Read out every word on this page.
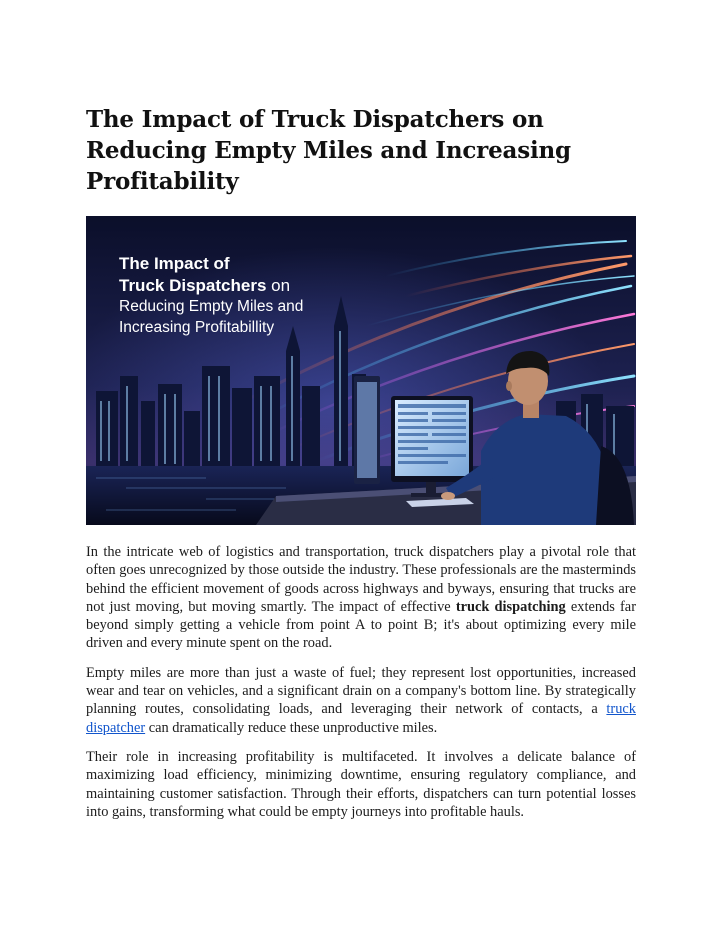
The Impact of Truck Dispatchers on
Reducing Empty Miles and Increasing
Profitability
The Impact of
Truck Dispatchers on
Reducing Empty Miles and
Increasing Profitabillity

In the intricate web of logistics and transportation, truck dispatchers play a pivotal role that often goes unrecognized by those outside the industry. These professionals are the masterminds behind the efficient movement of goods across highways and byways, ensuring that trucks are not just moving, but moving smartly. The impact of effective truck dispatching extends far beyond simply getting a vehicle from point A to point B; it's about optimizing every mile driven and every minute spent on the road.

Empty miles are more than just a waste of fuel; they represent lost opportunities, increased wear and tear on vehicles, and a significant drain on a company's bottom line. By strategically planning routes, consolidating loads, and leveraging their network of contacts, a truck dispatcher can dramatically reduce these unproductive miles.

Their role in increasing profitability is multifaceted. It involves a delicate balance of maximizing load efficiency, minimizing downtime, ensuring regulatory compliance, and maintaining customer satisfaction. Through their efforts, dispatchers can turn potential losses into gains, transforming what could be empty journeys into profitable hauls.
